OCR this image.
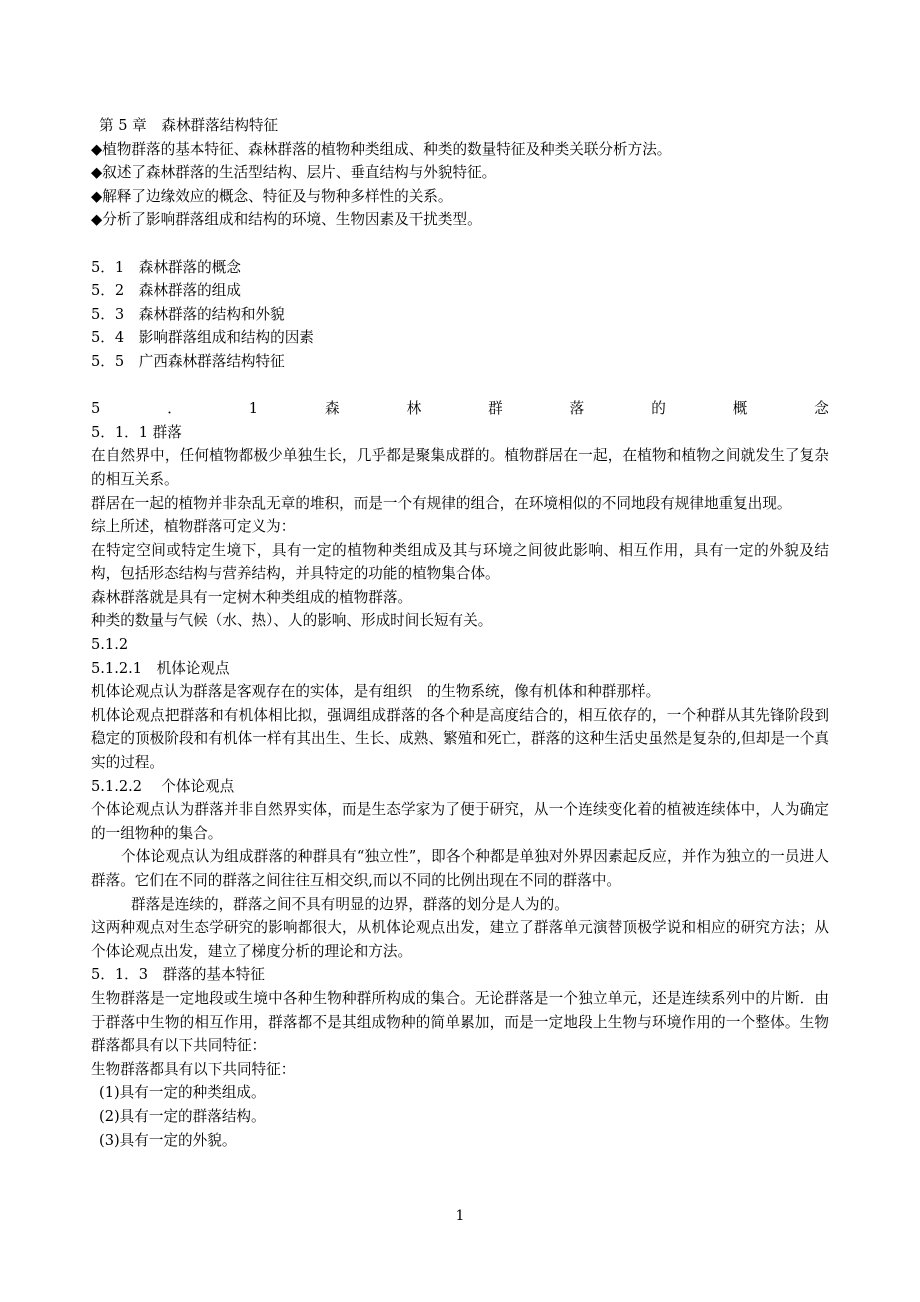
第 5 章　森林群落结构特征

◆植物群落的基本特征、森林群落的植物种类组成、种类的数量特征及种类关联分析方法。

◆叙述了森林群落的生活型结构、层片、垂直结构与外貌特征。

◆解释了边缘效应的概念、特征及与物种多样性的关系。

◆分析了影响群落组成和结构的环境、生物因素及干扰类型。

5．1　森林群落的概念

5．2　森林群落的组成

5．3　森林群落的结构和外貌

5．4　影响群落组成和结构的因素

5．5　广西森林群落结构特征

5	．	1	森	林	群	落	的	概	念

5．1．1 群落

在自然界中，任何植物都极少单独生长，几乎都是聚集成群的。植物群居在一起，在植物和植物之间就发生了复杂的相互关系。

群居在一起的植物并非杂乱无章的堆积，而是一个有规律的组合，在环境相似的不同地段有规律地重复出现。

综上所述，植物群落可定义为：

在特定空间或特定生境下，具有一定的植物种类组成及其与环境之间彼此影响、相互作用，具有一定的外貌及结构，包括形态结构与营养结构，并具特定的功能的植物集合体。

森林群落就是具有一定树木种类组成的植物群落。

种类的数量与气候（水、热）、人的影响、形成时间长短有关。

5.1.2

5.1.2.1　机体论观点

机体论观点认为群落是客观存在的实体，是有组织　的生物系统，像有机体和种群那样。

机体论观点把群落和有机体相比拟，强调组成群落的各个种是高度结合的，相互依存的，一个种群从其先锋阶段到稳定的顶极阶段和有机体一样有其出生、生长、成熟、繁殖和死亡，群落的这种生活史虽然是复杂的,但却是一个真实的过程。

5.1.2.2　 个体论观点

个体论观点认为群落并非自然界实体，而是生态学家为了便于研究，从一个连续变化着的植被连续体中，人为确定的一组物种的集合。

个体论观点认为组成群落的种群具有“独立性”，即各个种都是单独对外界因素起反应，并作为独立的一员进人群落。它们在不同的群落之间往往互相交织,而以不同的比例出现在不同的群落中。

群落是连续的，群落之间不具有明显的边界，群落的划分是人为的。

这两种观点对生态学研究的影响都很大，从机体论观点出发，建立了群落单元演替顶极学说和相应的研究方法；从个体论观点出发，建立了梯度分析的理论和方法。

5．1．3　群落的基本特征

生物群落是一定地段或生境中各种生物种群所构成的集合。无论群落是一个独立单元，还是连续系列中的片断．由于群落中生物的相互作用，群落都不是其组成物种的简单累加，而是一定地段上生物与环境作用的一个整体。生物群落都具有以下共同特征：

生物群落都具有以下共同特征：

(1)具有一定的种类组成。

(2)具有一定的群落结构。

(3)具有一定的外貌。

1
